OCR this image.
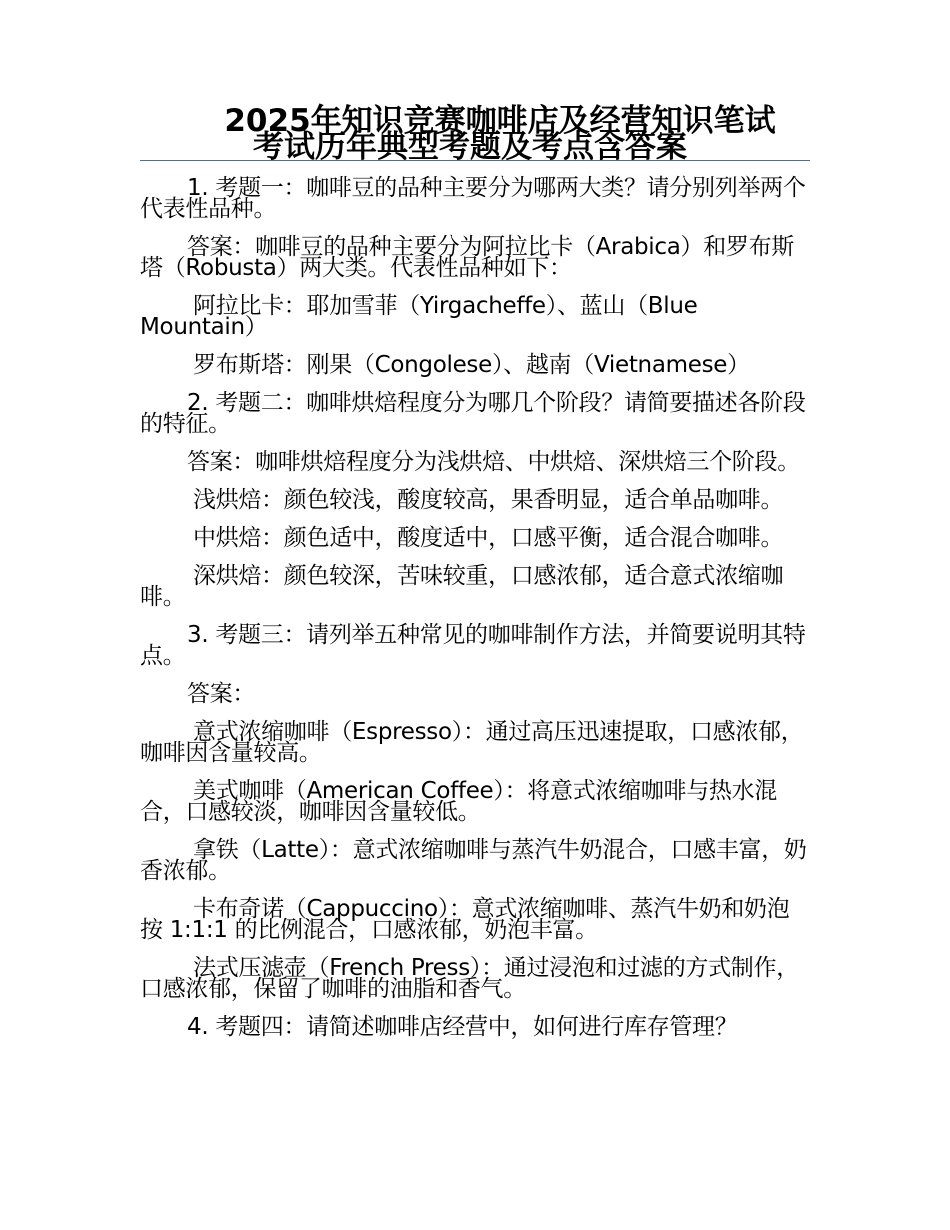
2025年知识竞赛咖啡店及经营知识笔试
考试历年典型考题及考点含答案

1. 考题一：咖啡豆的品种主要分为哪两大类？请分别列举两个代表性品种。

答案：咖啡豆的品种主要分为阿拉比卡（Arabica）和罗布斯塔（Robusta）两大类。代表性品种如下：

阿拉比卡：耶加雪菲（Yirgacheffe）、蓝山（Blue Mountain）

罗布斯塔：刚果（Congolese）、越南（Vietnamese）

2. 考题二：咖啡烘焙程度分为哪几个阶段？请简要描述各阶段的特征。

答案：咖啡烘焙程度分为浅烘焙、中烘焙、深烘焙三个阶段。

浅烘焙：颜色较浅，酸度较高，果香明显，适合单品咖啡。

中烘焙：颜色适中，酸度适中，口感平衡，适合混合咖啡。

深烘焙：颜色较深，苦味较重，口感浓郁，适合意式浓缩咖啡。

3. 考题三：请列举五种常见的咖啡制作方法，并简要说明其特点。

答案：

意式浓缩咖啡（Espresso）：通过高压迅速提取，口感浓郁，咖啡因含量较高。

美式咖啡（American Coffee）：将意式浓缩咖啡与热水混合，口感较淡，咖啡因含量较低。

拿铁（Latte）：意式浓缩咖啡与蒸汽牛奶混合，口感丰富，奶香浓郁。

卡布奇诺（Cappuccino）：意式浓缩咖啡、蒸汽牛奶和奶泡按 1:1:1 的比例混合，口感浓郁，奶泡丰富。

法式压滤壶（French Press）：通过浸泡和过滤的方式制作，口感浓郁，保留了咖啡的油脂和香气。

4. 考题四：请简述咖啡店经营中，如何进行库存管理？
